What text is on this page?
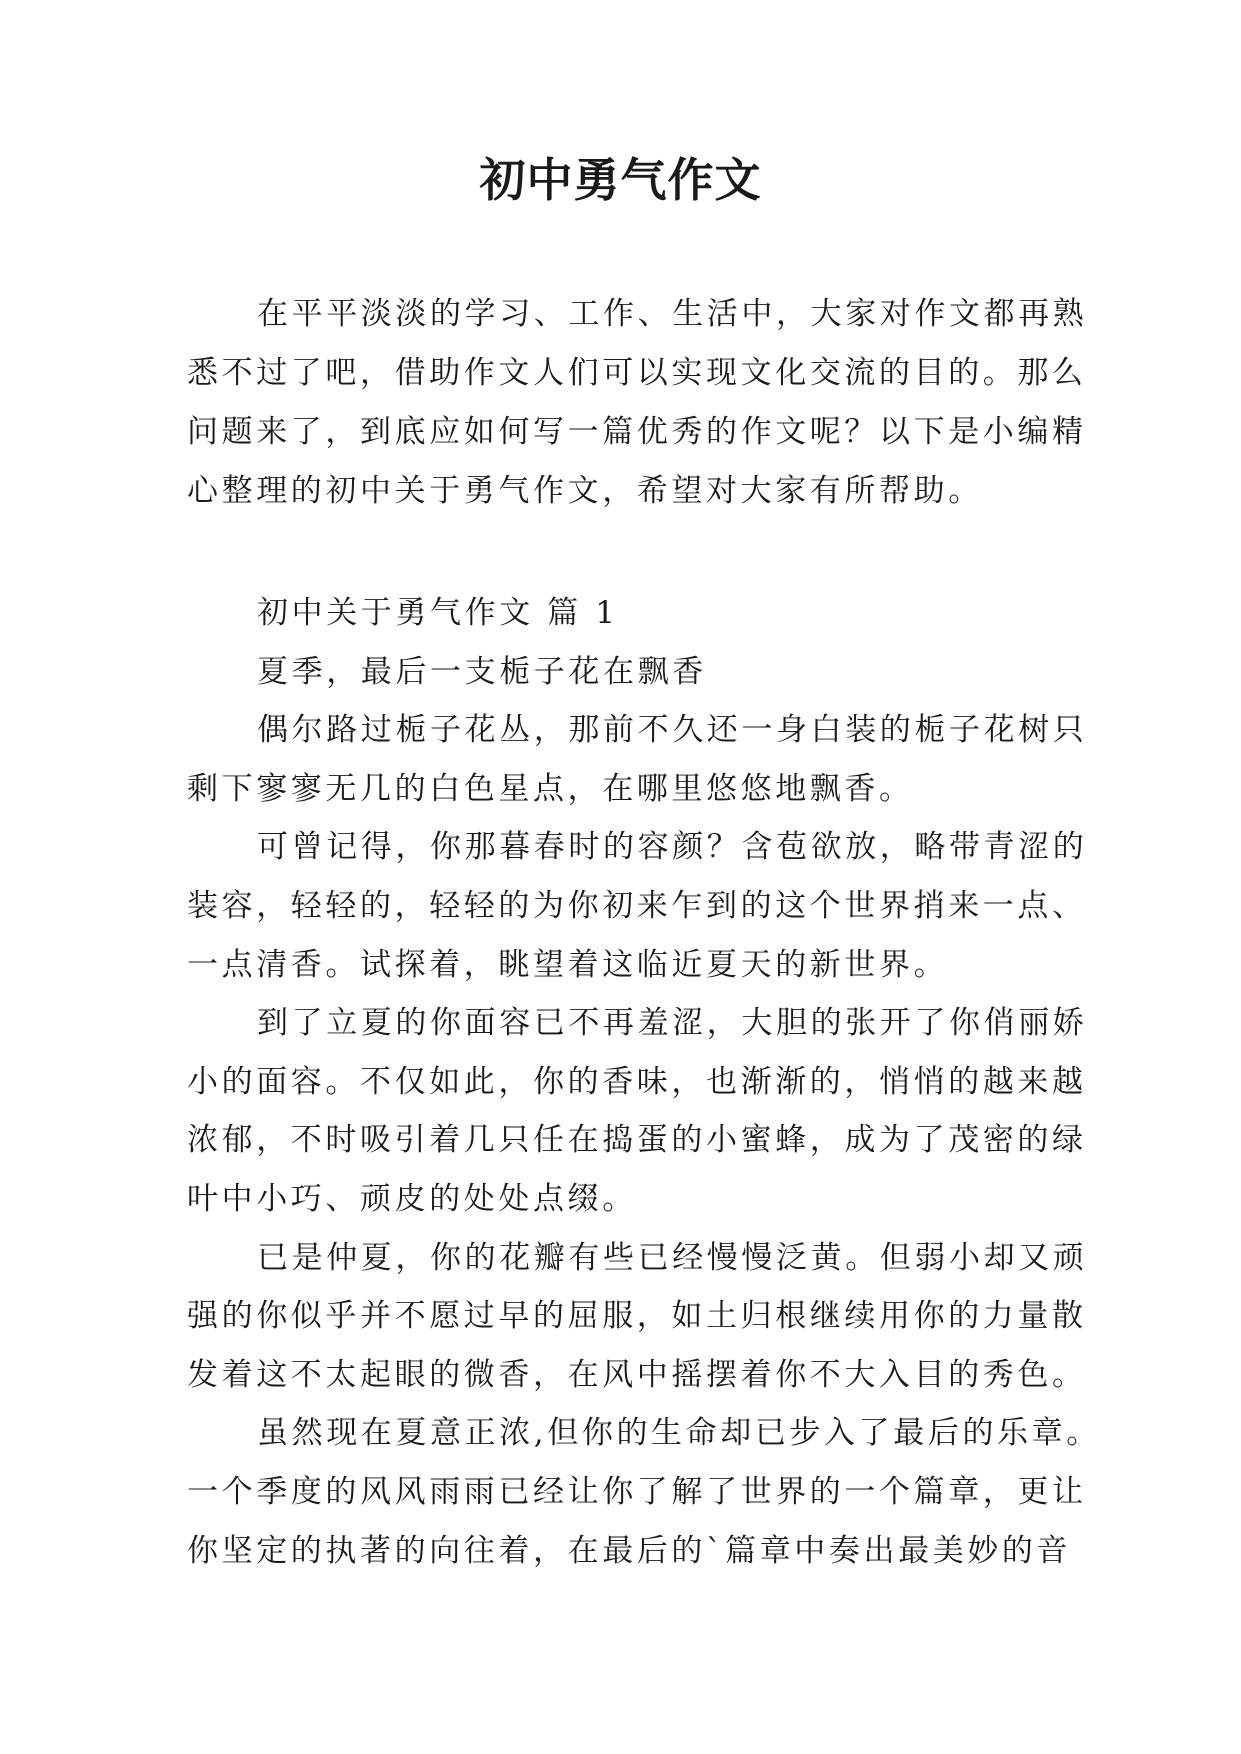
初中勇气作文
在平平淡淡的学习、工作、生活中，大家对作文都再熟
悉不过了吧，借助作文人们可以实现文化交流的目的。那么
问题来了，到底应如何写一篇优秀的作文呢？以下是小编精
心整理的初中关于勇气作文，希望对大家有所帮助。
初中关于勇气作文 篇 1
夏季，最后一支栀子花在飘香
偶尔路过栀子花丛，那前不久还一身白装的栀子花树只
剩下寥寥无几的白色星点，在哪里悠悠地飘香。
可曾记得，你那暮春时的容颜？含苞欲放，略带青涩的
装容，轻轻的，轻轻的为你初来乍到的这个世界捎来一点、
一点清香。试探着，眺望着这临近夏天的新世界。
到了立夏的你面容已不再羞涩，大胆的张开了你俏丽娇
小的面容。不仅如此，你的香味，也渐渐的，悄悄的越来越
浓郁，不时吸引着几只任在捣蛋的小蜜蜂，成为了茂密的绿
叶中小巧、顽皮的处处点缀。
已是仲夏，你的花瓣有些已经慢慢泛黄。但弱小却又顽
强的你似乎并不愿过早的屈服，如土归根继续用你的力量散
发着这不太起眼的微香，在风中摇摆着你不大入目的秀色。
虽然现在夏意正浓,但你的生命却已步入了最后的乐章。
一个季度的风风雨雨已经让你了解了世界的一个篇章，更让
你坚定的执著的向往着，在最后的`篇章中奏出最美妙的音
